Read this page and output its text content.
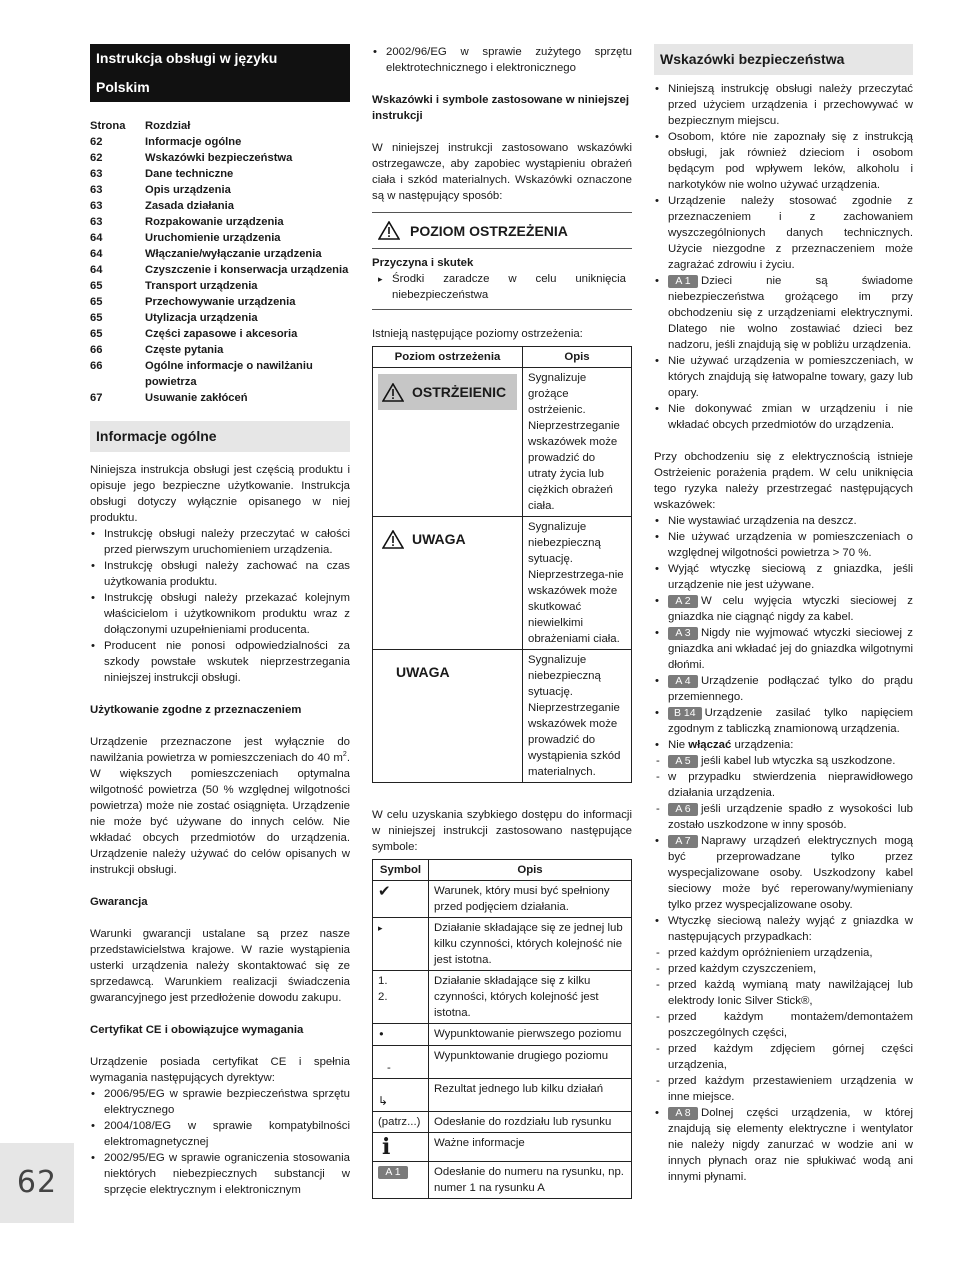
Instrukcja obsługi w języku
Polskim
Strona	Rozdział
62	Informacje ogólne
62	Wskazówki bezpieczeństwa
63	Dane techniczne
63	Opis urządzenia
63	Zasada działania
63	Rozpakowanie urządzenia
64	Uruchomienie urządzenia
64	Włączanie/wyłączanie urządzenia
64	Czyszczenie i konserwacja urządzenia
65	Transport urządzenia
65	Przechowywanie urządzenia
65	Utylizacja urządzenia
65	Części zapasowe i akcesoria
66	Częste pytania
66	Ogólne informacje o nawilżaniu powietrza
67	Usuwanie zakłóceń
Informacje ogólne

Niniejsza instrukcja obsługi jest częścią produktu i opisuje jego bezpieczne użytkowanie. Instrukcja obsługi dotyczy wyłącznie opisanego w niej produktu.

• Instrukcję obsługi należy przeczytać w całości przed pierwszym uruchomieniem urządzenia.
• Instrukcję obsługi należy zachować na czas użytkowania produktu.
• Instrukcję obsługi należy przekazać kolejnym właścicielom i użytkownikom produktu wraz z dołączonymi uzupełnieniami producenta.
• Producent nie ponosi odpowiedzialności za szkody powstałe wskutek nieprzestrzegania niniejszej instrukcji obsługi.
Użytkowanie zgodne z przeznaczeniem

Urządzenie przeznaczone jest wyłącznie do nawilżania powietrza w pomieszczeniach do 40 $m^2$. W większych pomieszczeniach optymalna wilgotność powietrza (50 % względnej wilgotności powietrza) może nie zostać osiągnięta. Urządzenie nie może być używane do innych celów. Nie wkładać obcych przedmiotów do urządzenia. Urządzenie należy używać do celów opisanych w instrukcji obsługi.

Gwarancja

Warunki gwarancji ustalane są przez nasze przedstawicielstwa krajowe. W razie wystąpienia usterki urządzenia należy skontaktować się ze sprzedawcą. Warunkiem realizacji świadczenia gwarancyjnego jest przedłożenie dowodu zakupu.

Certyfikat CE i obowiązujce wymagania

Urządzenie posiada certyfikat CE i spełnia wymagania następujących dyrektyw:

• 2006/95/EG w sprawie bezpieczeństwa sprzętu elektrycznego
• 2004/108/EG w sprawie kompatybilności elektromagnetycznej
• 2002/95/EG w sprawie ograniczenia stosowania niektórych niebezpiecznych substancji w sprzęcie elektrycznym i elektronicznym
• 2002/96/EG w sprawie zużytego sprzętu elektrotechnicznego i elektronicznego
Wskazówki i symbole zastosowane w niniejszej instrukcji

W niniejszej instrukcji zastosowano wskazówki ostrzegawcze, aby zapobiec wystąpieniu obrażeń ciała i szkód materialnych. Wskazówki oznaczone są w następujący sposób:

POZIOM OSTRZEŻENIA
Przyczyna i skutek
▸ Środki zaradcze w celu uniknięcia niebezpieczeństwa

Istnieją następujące poziomy ostrzeżenia:

Poziom ostrzeżenia	Opis

OSTRŻEIENIC	Sygnalizuje grożące ostrżeienic. Nieprzestrzeganie wskazówek może prowadzić do utraty życia lub ciężkich obrażeń ciała.

UWAGA	Sygnalizuje niebezpieczną sytuację. Nieprzestrzega-nie wskazówek może skutkować niewielkimi obrażeniami ciała.

UWAGA	Sygnalizuje niebezpieczną sytuację. Nieprzestrzeganie wskazówek może prowadzić do wystąpienia szkód materialnych.

W celu uzyskania szybkiego dostępu do informacji w niniejszej instrukcji zastosowano następujące symbole:

Symbol	Opis
✔	Warunek, który musi być spełniony przed podjęciem działania.
▸	Działanie składające się ze jednej lub kilku czynności, których kolejność nie jest istotna.
1.
2.	Działanie składające się z kilku czynności, których kolejność jest istotna.
•	Wypunktowanie pierwszego poziomu

-	Wypunktowanie drugiego poziomu

↳	Rezultat jednego lub kilku działań
(patrz...)	Odesłanie do rozdziału lub rysunku
i	Ważne informacje
A 1	Odesłanie do numeru na rysunku, np. numer 1 na rysunku A
Wskazówki bezpieczeństwa
• Niniejszą instrukcję obsługi należy przeczytać przed użyciem urządzenia i przechowywać w bezpiecznym miejscu.
• Osobom, które nie zapoznały się z instrukcją obsługi, jak również dzieciom i osobom będącym pod wpływem leków, alkoholu i narkotyków nie wolno używać urządzenia.
• Urządzenie należy stosować zgodnie z przeznaczeniem i z zachowaniem wyszczególnionych danych technicznych. Użycie niezgodne z przeznaczeniem może zagrażać zdrowiu i życiu.
• A 1 Dzieci nie są świadome niebezpieczeństwa grożącego im przy obchodzeniu się z urządzeniami elektrycznymi. Dlatego nie wolno zostawiać dzieci bez nadzoru, jeśli znajdują się w pobliżu urządzenia.
• Nie używać urządzenia w pomieszczeniach, w których znajdują się łatwopalne towary, gazy lub opary.
• Nie dokonywać zmian w urządzeniu i nie wkładać obcych przedmiotów do urządzenia.

Przy obchodzeniu się z elektrycznością istnieje Ostrżeienic porażenia prądem. W celu uniknięcia tego ryzyka należy przestrzegać następujących wskazówek:

• Nie wystawiać urządzenia na deszcz.
• Nie używać urządzenia w pomieszczeniach o względnej wilgotności powietrza > 70 %.
• Wyjąć wtyczkę sieciową z gniazdka, jeśli urządzenie nie jest używane.
• A 2 W celu wyjęcia wtyczki sieciowej z gniazdka nie ciągnąć nigdy za kabel.
• A 3 Nigdy nie wyjmować wtyczki sieciowej z gniazdka ani wkładać jej do gniazdka wilgotnymi dłońmi.
• A 4 Urządzenie podłączać tylko do prądu przemiennego.
• B 14 Urządzenie zasilać tylko napięciem zgodnym z tabliczką znamionową urządzenia.
• Nie włączać urządzenia:
- A 5 jeśli kabel lub wtyczka są uszkodzone.
- w przypadku stwierdzenia nieprawidłowego działania urządzenia.
- A 6 jeśli urządzenie spadło z wysokości lub zostało uszkodzone w inny sposób.
• A 7 Naprawy urządzeń elektrycznych mogą być przeprowadzane tylko przez wyspecjalizowane osoby. Uszkodzony kabel sieciowy może być reperowany/wymieniany tylko przez wyspecjalizowane osoby.
• Wtyczkę sieciową należy wyjąć z gniazdka w następujących przypadkach:
- przed każdym opróżnieniem urządzenia,
- przed każdym czyszczeniem,
- przed każdą wymianą maty nawilżającej lub elektrody Ionic Silver Stick®,
- przed każdym montażem/demontażem poszczególnych części,
- przed każdym zdjęciem górnej części urządzenia,
- przed każdym przestawieniem urządzenia w inne miejsce.
• A 8 Dolnej części urządzenia, w której znajdują się elementy elektryczne i wentylator nie należy nigdy zanurzać w wodzie ani w innych płynach oraz nie spłukiwać wodą ani innymi płynami.
62
